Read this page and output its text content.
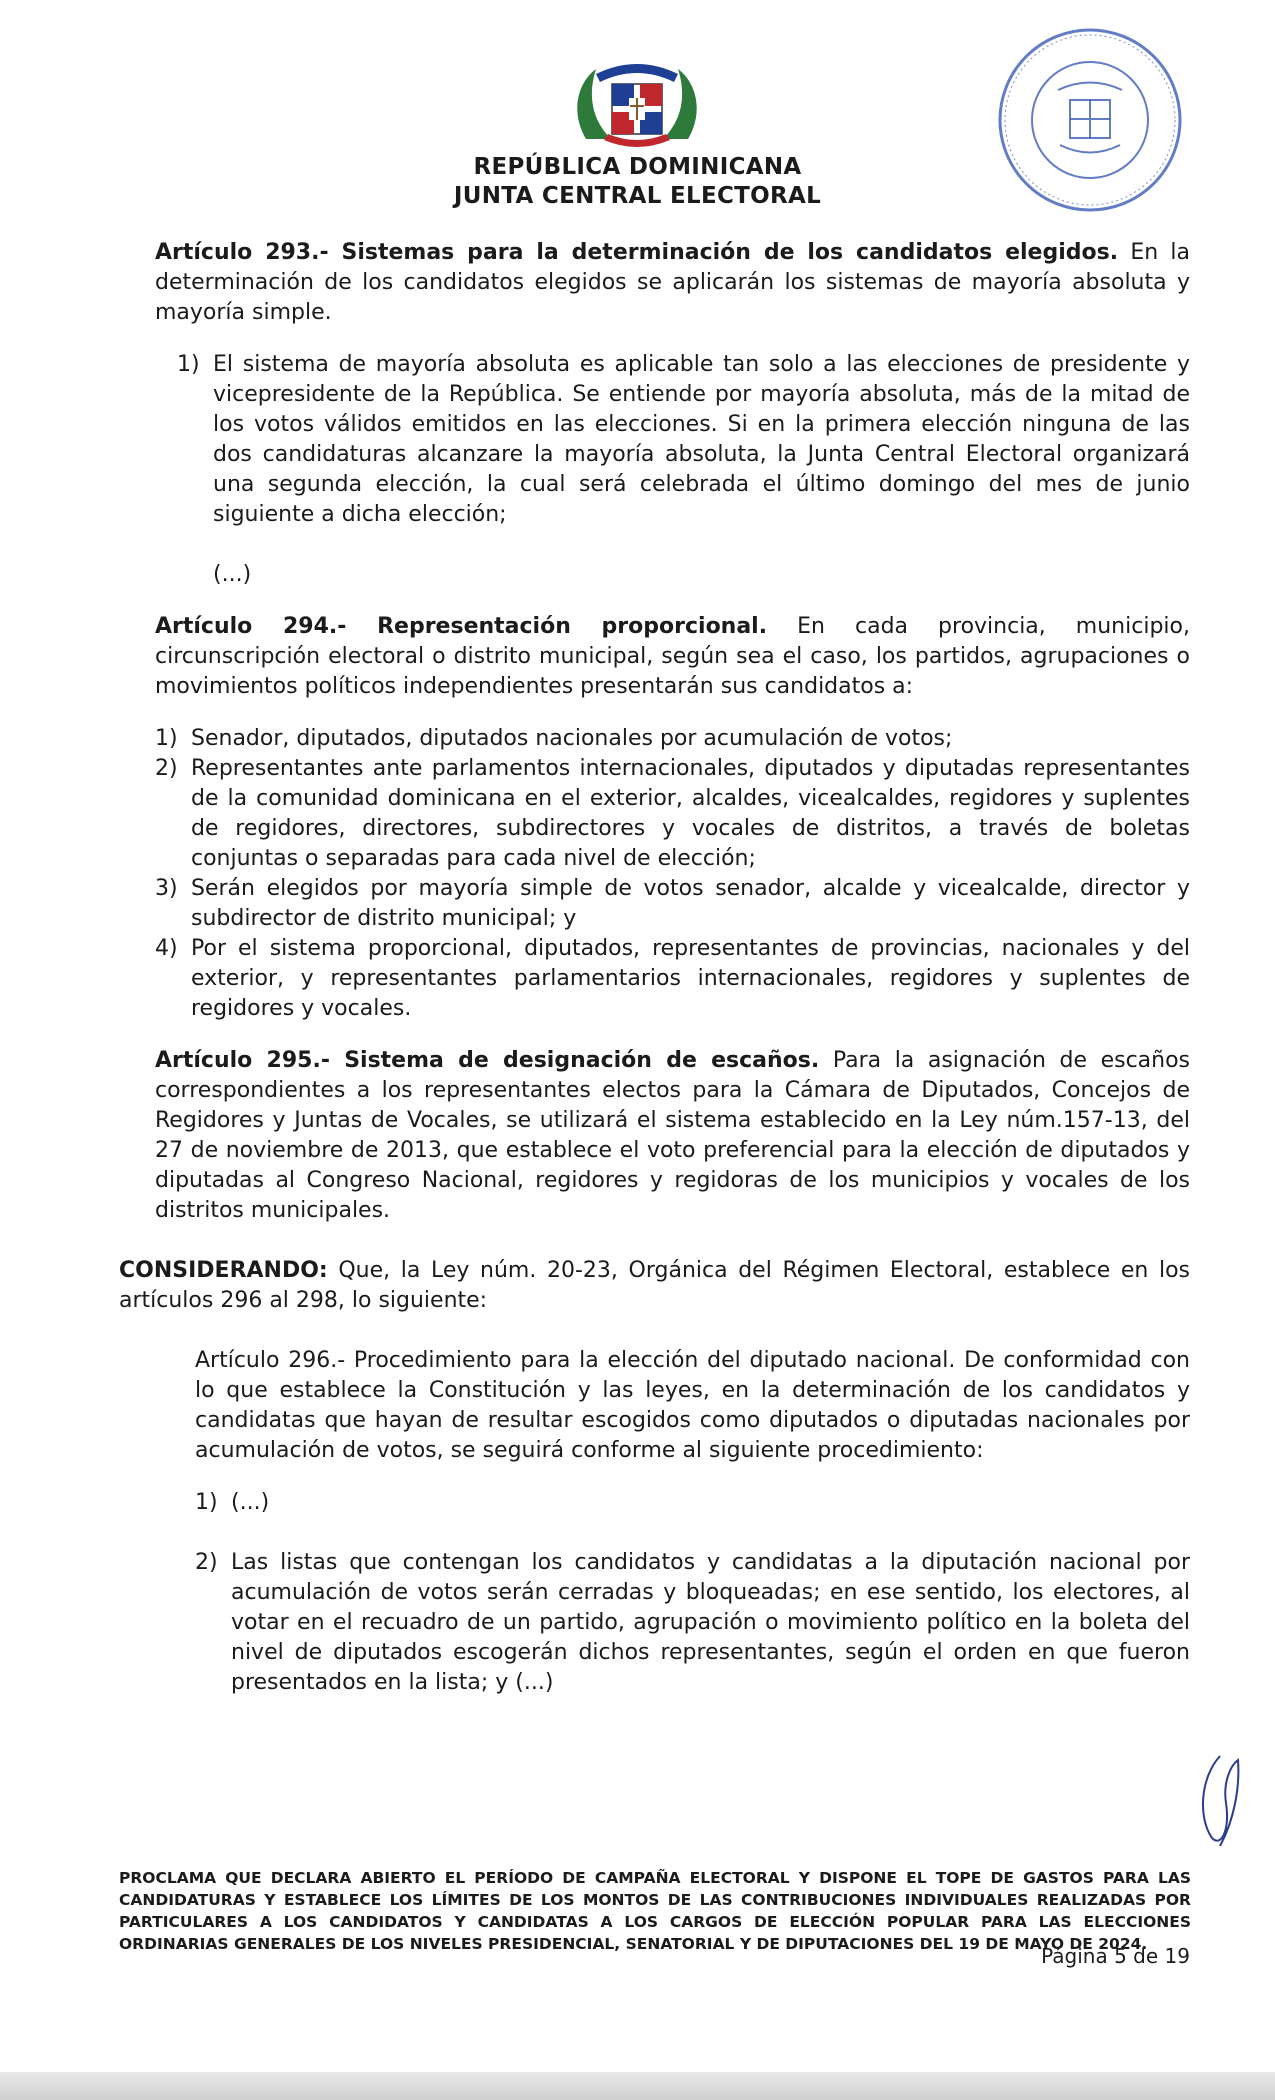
REPÚBLICA DOMINICANA
JUNTA CENTRAL ELECTORAL

Artículo 293.- Sistemas para la determinación de los candidatos elegidos. En la determinación de los candidatos elegidos se aplicarán los sistemas de mayoría absoluta y mayoría simple.

1) El sistema de mayoría absoluta es aplicable tan solo a las elecciones de presidente y vicepresidente de la República. Se entiende por mayoría absoluta, más de la mitad de los votos válidos emitidos en las elecciones. Si en la primera elección ninguna de las dos candidaturas alcanzare la mayoría absoluta, la Junta Central Electoral organizará una segunda elección, la cual será celebrada el último domingo del mes de junio siguiente a dicha elección;

(...)

Artículo 294.- Representación proporcional. En cada provincia, municipio, circunscripción electoral o distrito municipal, según sea el caso, los partidos, agrupaciones o movimientos políticos independientes presentarán sus candidatos a:

1) Senador, diputados, diputados nacionales por acumulación de votos;
2) Representantes ante parlamentos internacionales, diputados y diputadas representantes de la comunidad dominicana en el exterior, alcaldes, vicealcaldes, regidores y suplentes de regidores, directores, subdirectores y vocales de distritos, a través de boletas conjuntas o separadas para cada nivel de elección;
3) Serán elegidos por mayoría simple de votos senador, alcalde y vicealcalde, director y subdirector de distrito municipal; y
4) Por el sistema proporcional, diputados, representantes de provincias, nacionales y del exterior, y representantes parlamentarios internacionales, regidores y suplentes de regidores y vocales.

Artículo 295.- Sistema de designación de escaños. Para la asignación de escaños correspondientes a los representantes electos para la Cámara de Diputados, Concejos de Regidores y Juntas de Vocales, se utilizará el sistema establecido en la Ley núm.157-13, del 27 de noviembre de 2013, que establece el voto preferencial para la elección de diputados y diputadas al Congreso Nacional, regidores y regidoras de los municipios y vocales de los distritos municipales.

CONSIDERANDO: Que, la Ley núm. 20-23, Orgánica del Régimen Electoral, establece en los artículos 296 al 298, lo siguiente:

Artículo 296.- Procedimiento para la elección del diputado nacional. De conformidad con lo que establece la Constitución y las leyes, en la determinación de los candidatos y candidatas que hayan de resultar escogidos como diputados o diputadas nacionales por acumulación de votos, se seguirá conforme al siguiente procedimiento:

1) (...)
2) Las listas que contengan los candidatos y candidatas a la diputación nacional por acumulación de votos serán cerradas y bloqueadas; en ese sentido, los electores, al votar en el recuadro de un partido, agrupación o movimiento político en la boleta del nivel de diputados escogerán dichos representantes, según el orden en que fueron presentados en la lista; y (...)
PROCLAMA QUE DECLARA ABIERTO EL PERÍODO DE CAMPAÑA ELECTORAL Y DISPONE EL TOPE DE GASTOS PARA LAS CANDIDATURAS Y ESTABLECE LOS LÍMITES DE LOS MONTOS DE LAS CONTRIBUCIONES INDIVIDUALES REALIZADAS POR PARTICULARES A LOS CANDIDATOS Y CANDIDATAS A LOS CARGOS DE ELECCIÓN POPULAR PARA LAS ELECCIONES ORDINARIAS GENERALES DE LOS NIVELES PRESIDENCIAL, SENATORIAL Y DE DIPUTACIONES DEL 19 DE MAYO DE 2024.
Página 5 de 19
